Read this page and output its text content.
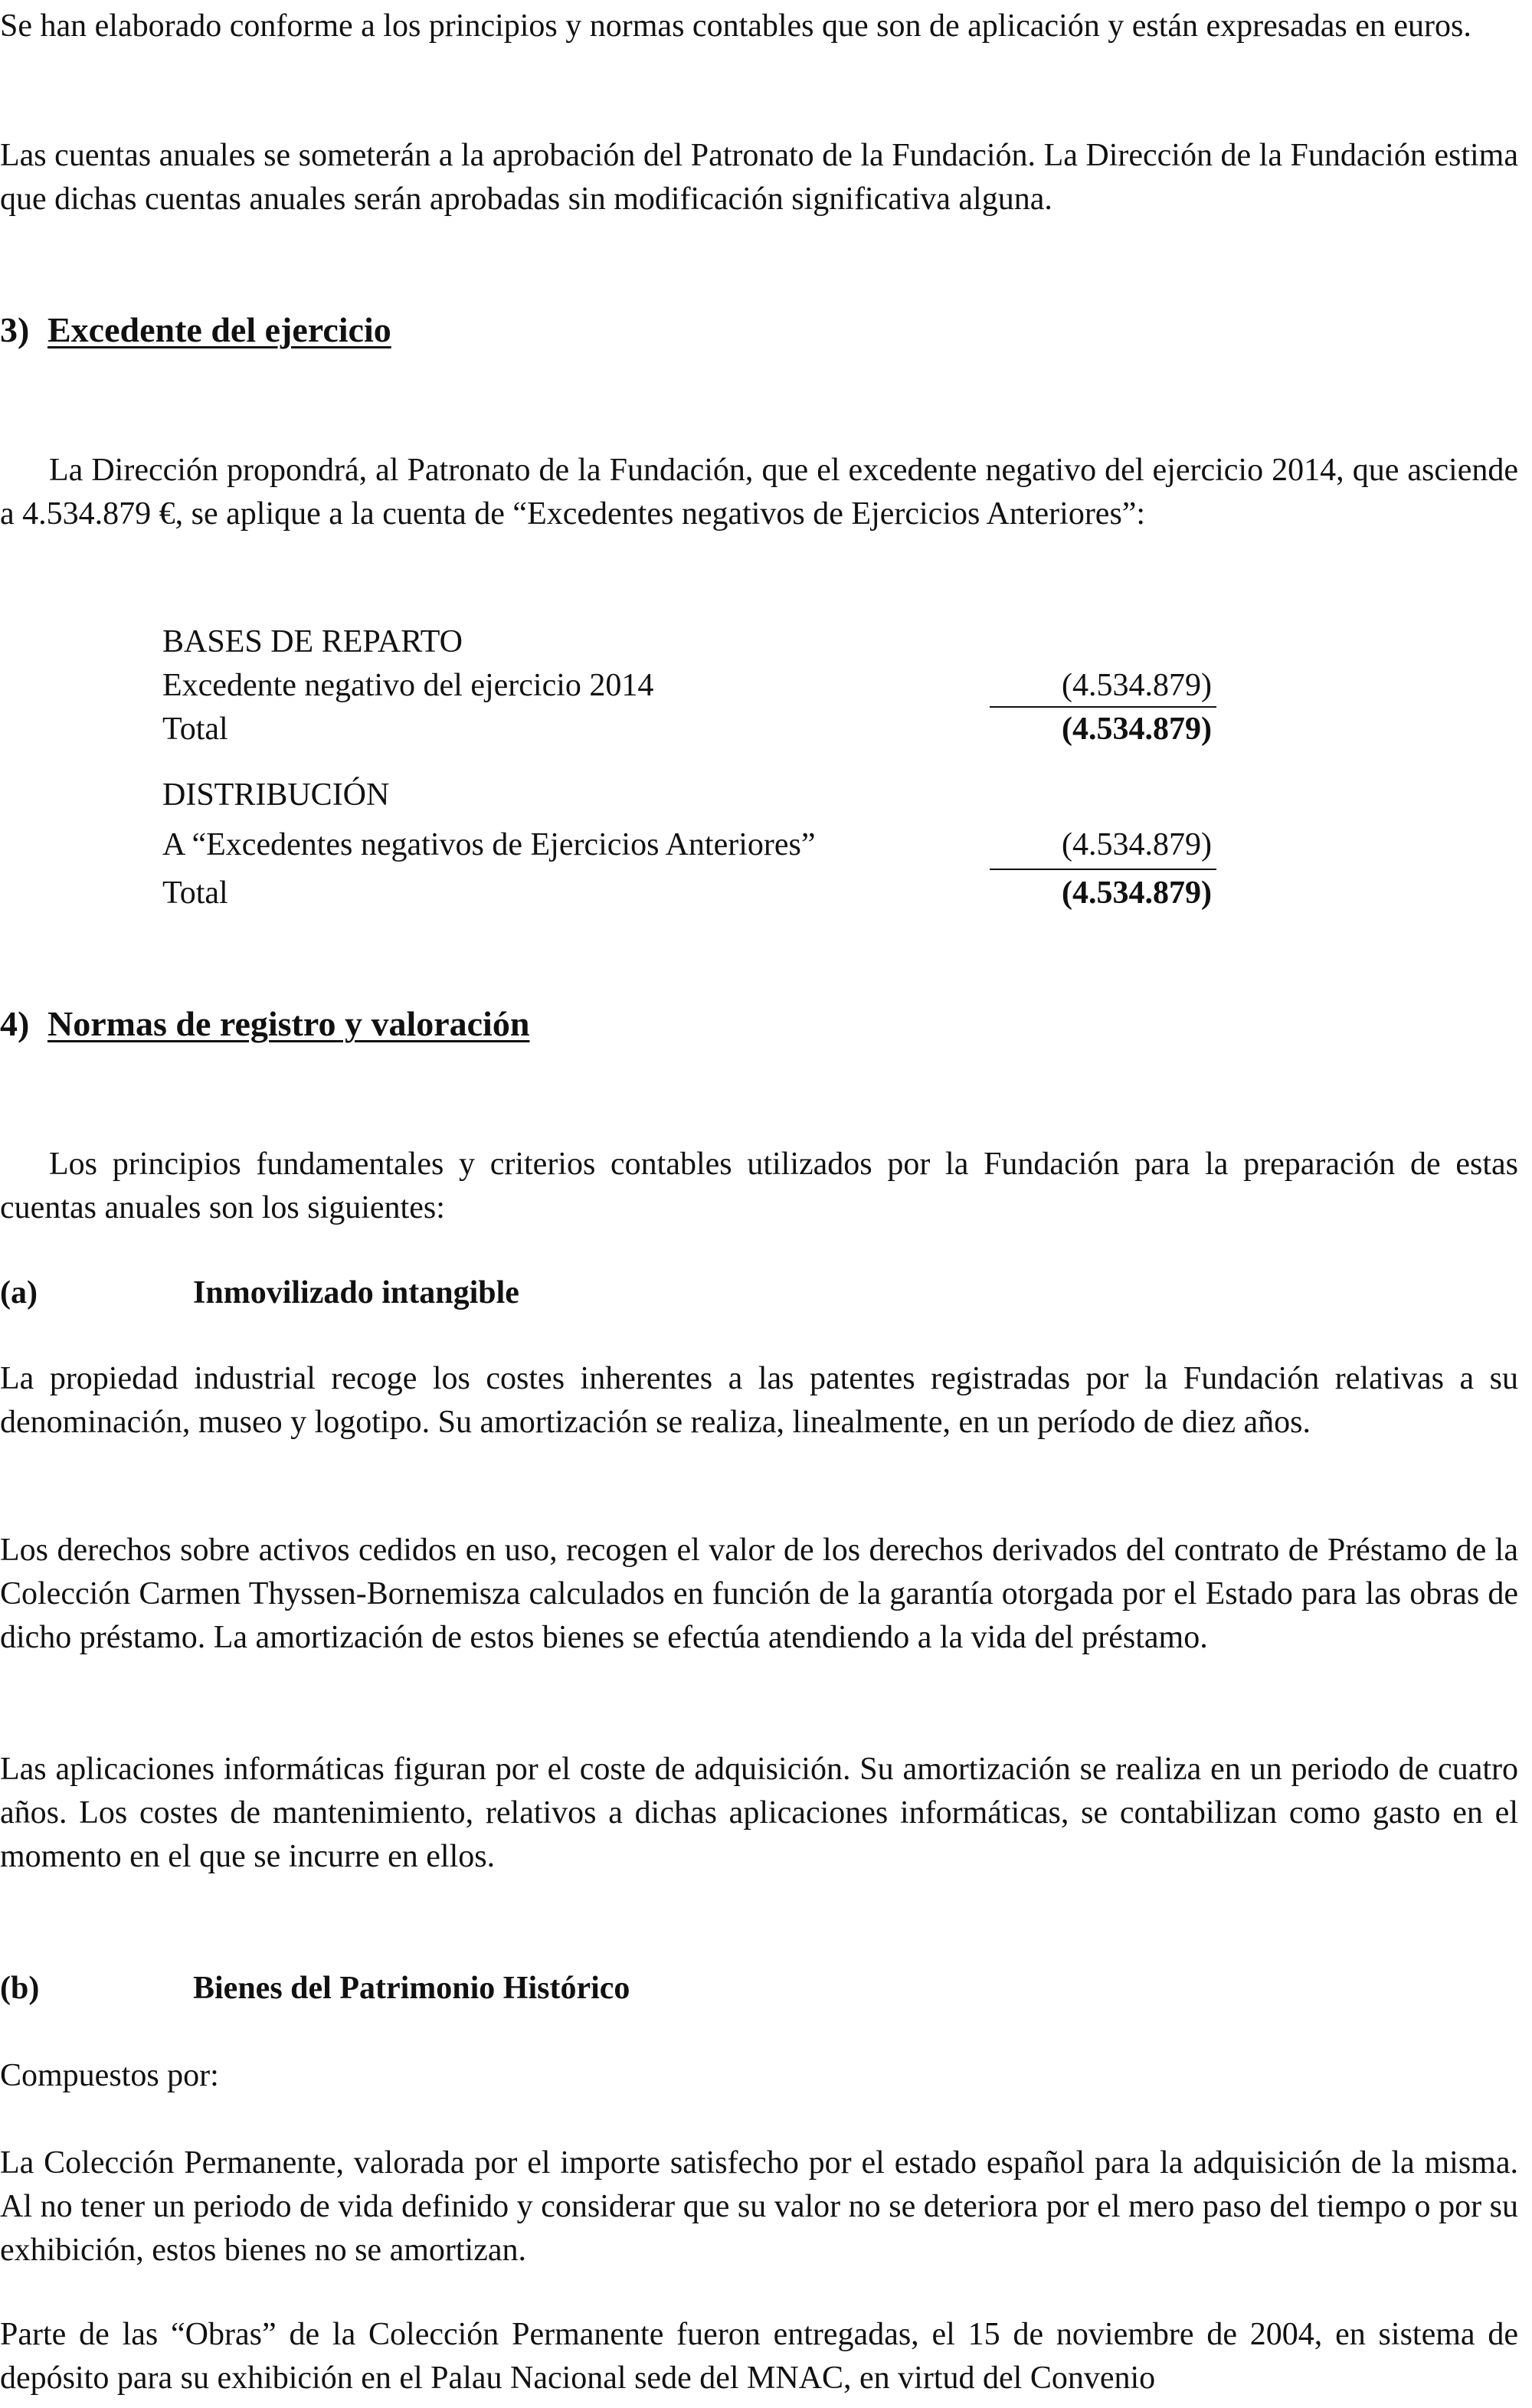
Se han elaborado conforme a los principios y normas contables que son de aplicación y están expresadas en euros.

Las cuentas anuales se someterán a la aprobación del Patronato de la Fundación. La Dirección de la Fundación estima que dichas cuentas anuales serán aprobadas sin modificación significativa alguna.

3) Excedente del ejercicio

La Dirección propondrá, al Patronato de la Fundación, que el excedente negativo del ejercicio 2014, que asciende a 4.534.879 €, se aplique a la cuenta de “Excedentes negativos de Ejercicios Anteriores”:

BASES DE REPARTO

Excedente negativo del ejercicio 2014	(4.534.879)

Total	(4.534.879)

DISTRIBUCIÓN

A “Excedentes negativos de Ejercicios Anteriores”	(4.534.879)

Total	(4.534.879)

4) Normas de registro y valoración

Los principios fundamentales y criterios contables utilizados por la Fundación para la preparación de estas cuentas anuales son los siguientes:

(a)	Inmovilizado intangible

La propiedad industrial recoge los costes inherentes a las patentes registradas por la Fundación relativas a su denominación, museo y logotipo. Su amortización se realiza, linealmente, en un período de diez años.

Los derechos sobre activos cedidos en uso, recogen el valor de los derechos derivados del contrato de Préstamo de la Colección Carmen Thyssen-Bornemisza calculados en función de la garantía otorgada por el Estado para las obras de dicho préstamo. La amortización de estos bienes se efectúa atendiendo a la vida del préstamo.

Las aplicaciones informáticas figuran por el coste de adquisición. Su amortización se realiza en un periodo de cuatro años. Los costes de mantenimiento, relativos a dichas aplicaciones informáticas, se contabilizan como gasto en el momento en el que se incurre en ellos.

(b)	Bienes del Patrimonio Histórico

Compuestos por:

La Colección Permanente, valorada por el importe satisfecho por el estado español para la adquisición de la misma. Al no tener un periodo de vida definido y considerar que su valor no se deteriora por el mero paso del tiempo o por su exhibición, estos bienes no se amortizan.

Parte de las “Obras” de la Colección Permanente fueron entregadas, el 15 de noviembre de 2004, en sistema de depósito para su exhibición en el Palau Nacional sede del MNAC, en virtud del Convenio
